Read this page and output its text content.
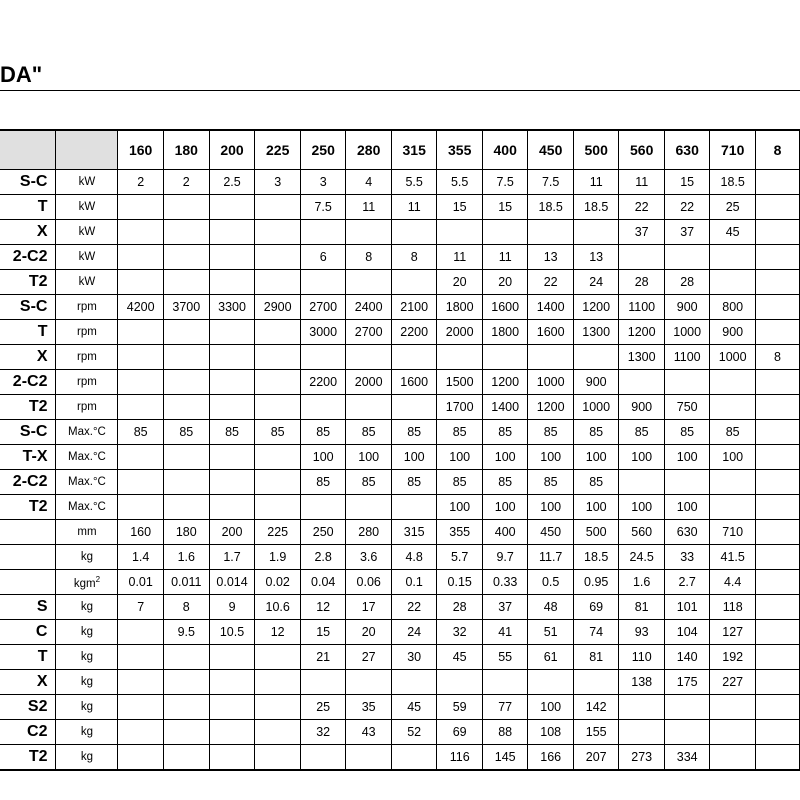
DA"
		160	180	200	225	250	280	315	355	400	450	500	560	630	710	8
S-C	kW	2	2	2.5	3	3	4	5.5	5.5	7.5	7.5	11	11	15	18.5	
T	kW					7.5	11	11	15	15	18.5	18.5	22	22	25	
X	kW												37	37	45	
2-C2	kW					6	8	8	11	11	13	13				
T2	kW								20	20	22	24	28	28		
S-C	rpm	4200	3700	3300	2900	2700	2400	2100	1800	1600	1400	1200	1100	900	800	
T	rpm					3000	2700	2200	2000	1800	1600	1300	1200	1000	900	
X	rpm												1300	1100	1000	8
2-C2	rpm					2200	2000	1600	1500	1200	1000	900				
T2	rpm								1700	1400	1200	1000	900	750		
S-C	Max.°C	85	85	85	85	85	85	85	85	85	85	85	85	85	85	
T-X	Max.°C					100	100	100	100	100	100	100	100	100	100	
2-C2	Max.°C					85	85	85	85	85	85	85				
T2	Max.°C								100	100	100	100	100	100		
	mm	160	180	200	225	250	280	315	355	400	450	500	560	630	710	
	kg	1.4	1.6	1.7	1.9	2.8	3.6	4.8	5.7	9.7	11.7	18.5	24.5	33	41.5	
	kgm$^2$	0.01	0.011	0.014	0.02	0.04	0.06	0.1	0.15	0.33	0.5	0.95	1.6	2.7	4.4	
S	kg	7	8	9	10.6	12	17	22	28	37	48	69	81	101	118	
C	kg		9.5	10.5	12	15	20	24	32	41	51	74	93	104	127	
T	kg					21	27	30	45	55	61	81	110	140	192	
X	kg												138	175	227	
S2	kg					25	35	45	59	77	100	142				
C2	kg					32	43	52	69	88	108	155				
T2	kg								116	145	166	207	273	334		
